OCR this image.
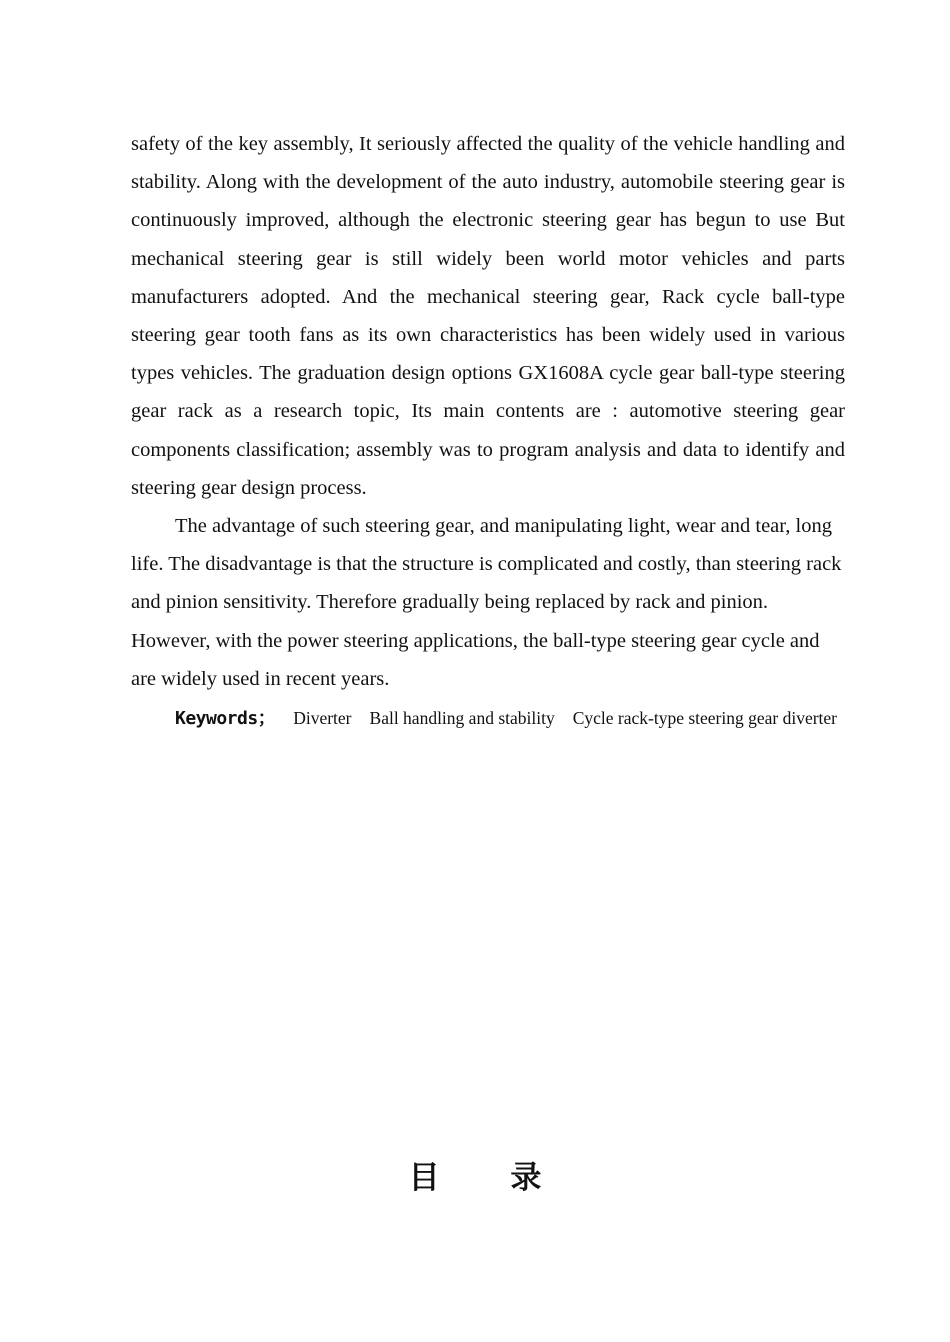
safety of the key assembly, It seriously affected the quality of the vehicle handling and stability. Along with the development of the auto industry, automobile steering gear is continuously improved, although the electronic steering gear has begun to use But mechanical steering gear is still widely been world motor vehicles and parts manufacturers adopted. And the mechanical steering gear, Rack cycle ball-type steering gear tooth fans as its own characteristics has been widely used in various types vehicles. The graduation design options GX1608A cycle gear ball-type steering gear rack as a research topic, Its main contents are : automotive steering gear components classification; assembly was to program analysis and data to identify and steering gear design process.

The advantage of such steering gear, and manipulating light, wear and tear, long life. The disadvantage is that the structure is complicated and costly, than steering rack and pinion sensitivity. Therefore gradually being replaced by rack and pinion. However, with the power steering applications, the ball-type steering gear cycle and are widely used in recent years.

Keywords； Diverter Ball handling and stability Cycle rack-type steering gear diverter

目 录
